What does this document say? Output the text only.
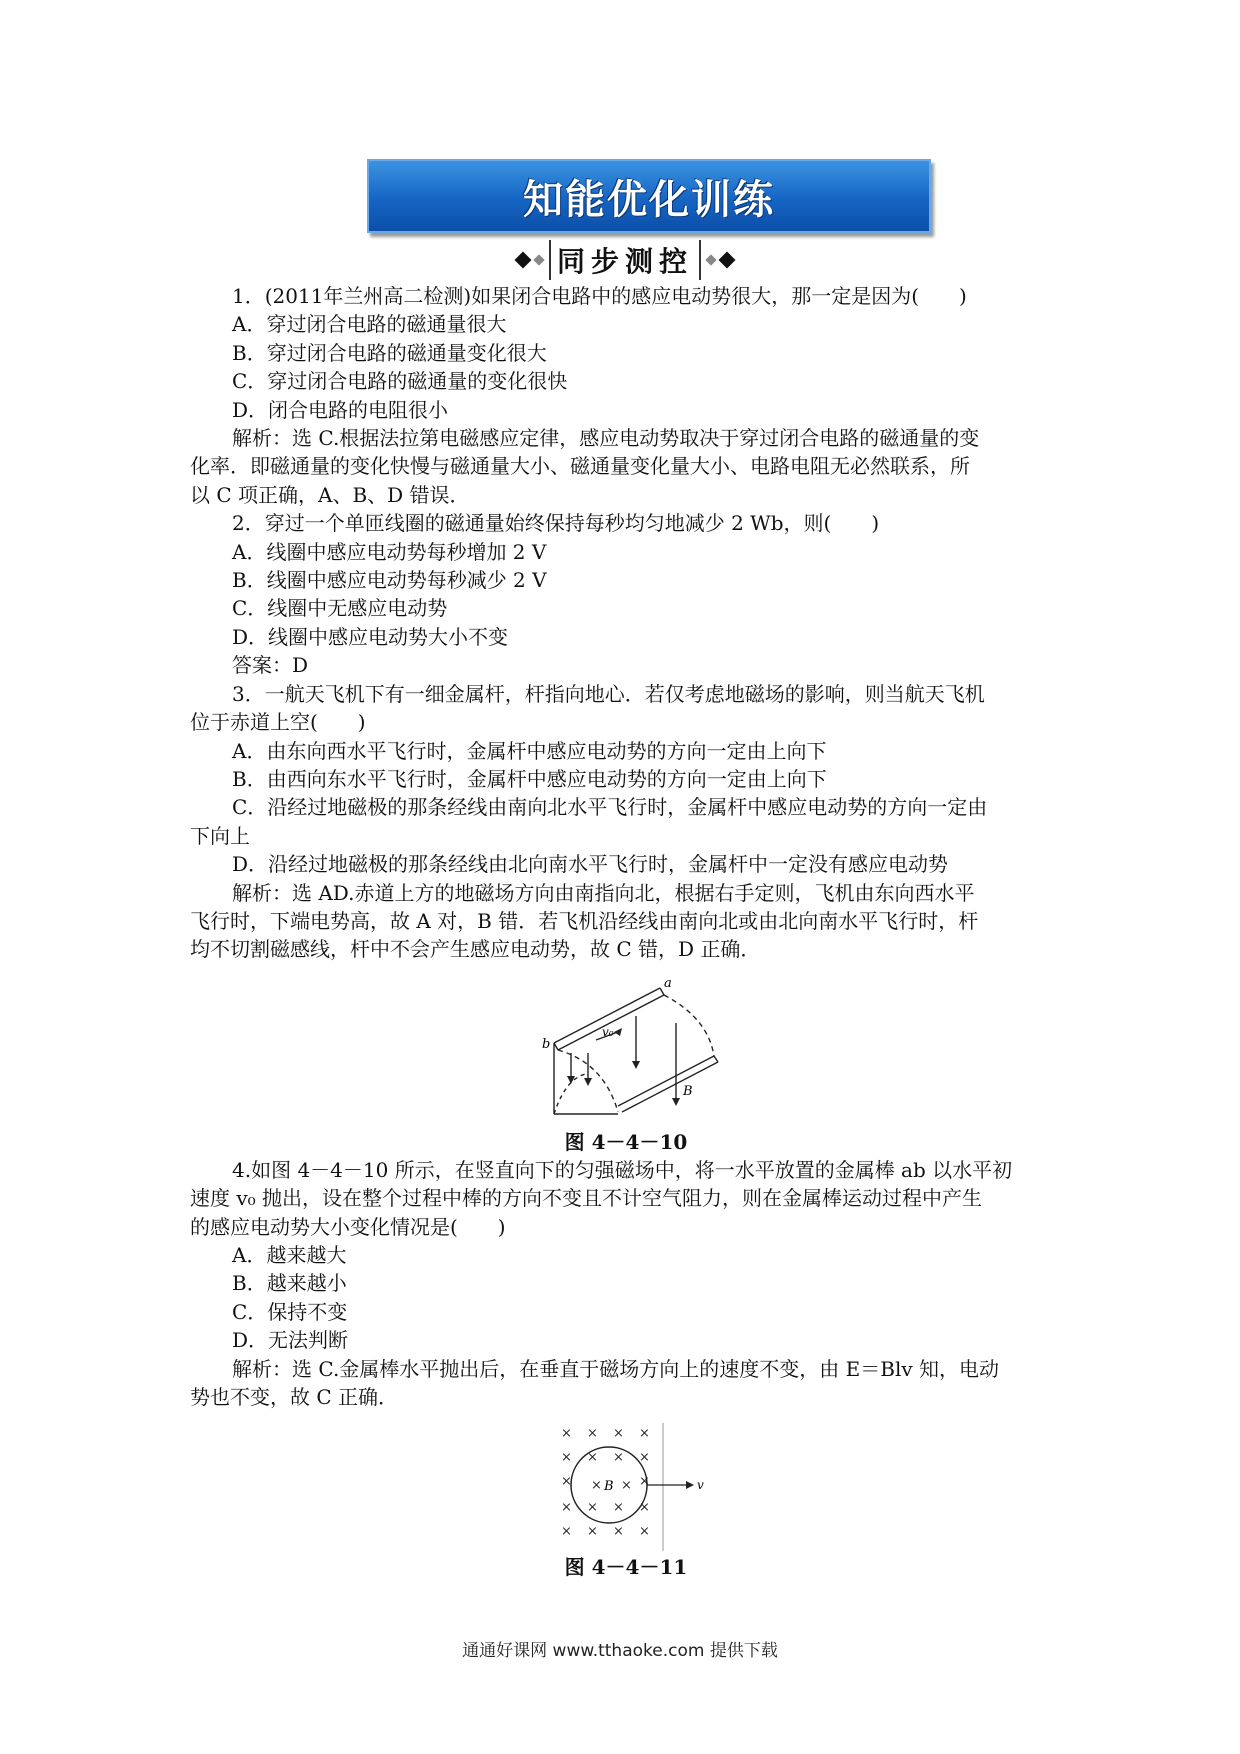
知能优化训练
同步测控
1．(2011年兰州高二检测)如果闭合电路中的感应电动势很大，那一定是因为(　　)
A．穿过闭合电路的磁通量很大
B．穿过闭合电路的磁通量变化很大
C．穿过闭合电路的磁通量的变化很快
D．闭合电路的电阻很小
解析：选 C.根据法拉第电磁感应定律，感应电动势取决于穿过闭合电路的磁通量的变
化率．即磁通量的变化快慢与磁通量大小、磁通量变化量大小、电路电阻无必然联系，所
以 C 项正确，A、B、D 错误．
2．穿过一个单匝线圈的磁通量始终保持每秒均匀地减少 2 Wb，则(　　)
A．线圈中感应电动势每秒增加 2 V
B．线圈中感应电动势每秒减少 2 V
C．线圈中无感应电动势
D．线圈中感应电动势大小不变
答案：D
3．一航天飞机下有一细金属杆，杆指向地心．若仅考虑地磁场的影响，则当航天飞机
位于赤道上空(　　)
A．由东向西水平飞行时，金属杆中感应电动势的方向一定由上向下
B．由西向东水平飞行时，金属杆中感应电动势的方向一定由上向下
C．沿经过地磁极的那条经线由南向北水平飞行时，金属杆中感应电动势的方向一定由
下向上
D．沿经过地磁极的那条经线由北向南水平飞行时，金属杆中一定没有感应电动势
解析：选 AD.赤道上方的地磁场方向由南指向北，根据右手定则，飞机由东向西水平
飞行时，下端电势高，故 A 对，B 错．若飞机沿经线由南向北或由北向南水平飞行时，杆
均不切割磁感线，杆中不会产生感应电动势，故 C 错，D 正确．
a
b
v₀
B
图 4－4－10
4.如图 4－4－10 所示，在竖直向下的匀强磁场中，将一水平放置的金属棒 ab 以水平初
速度 v₀ 抛出，设在整个过程中棒的方向不变且不计空气阻力，则在金属棒运动过程中产生
的感应电动势大小变化情况是(　　)
A．越来越大
B．越来越小
C．保持不变
D．无法判断
解析：选 C.金属棒水平抛出后，在垂直于磁场方向上的速度不变，由 E＝Blv 知，电动
势也不变，故 C 正确．
× × × ×
× ×	×
×	×
× × × ×
× × × ×
×
× ×	v
B
图 4－4－11
通通好课网 www.tthaoke.com 提供下载
